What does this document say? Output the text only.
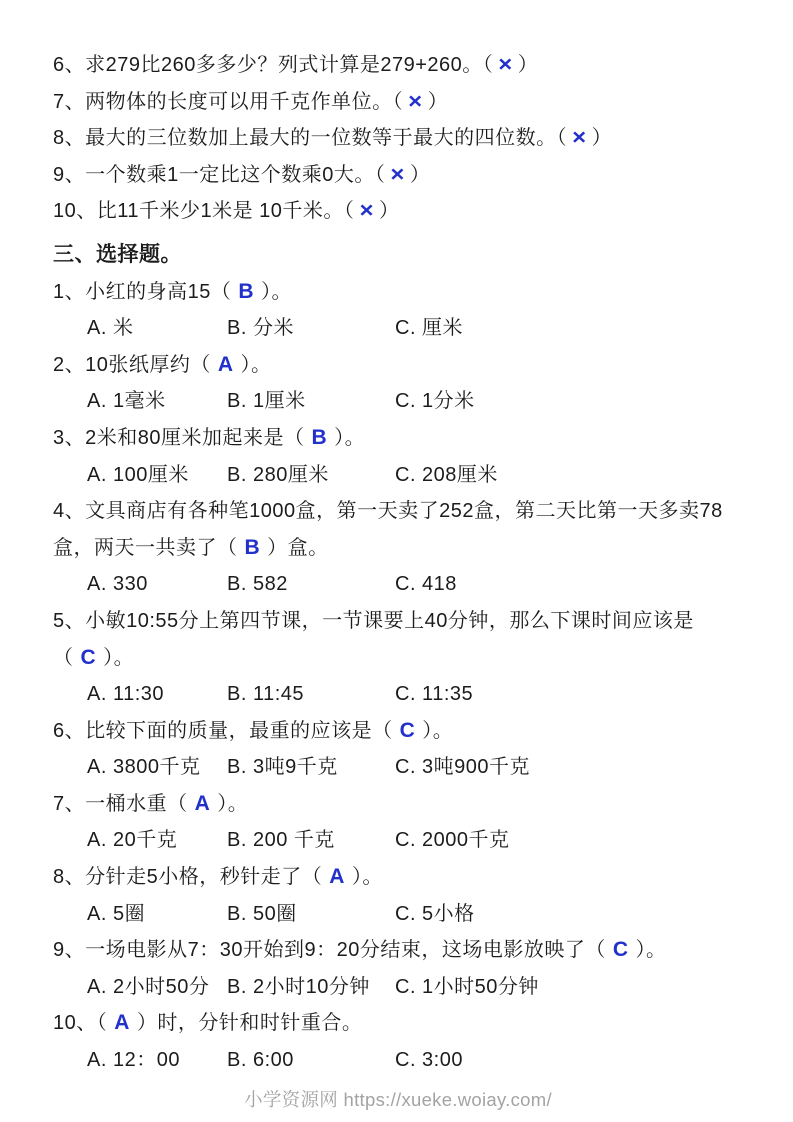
6、求279比260多多少？列式计算是279+260。（ × ）

7、两物体的长度可以用千克作单位。（ × ）

8、最大的三位数加上最大的一位数等于最大的四位数。（ × ）

9、一个数乘1一定比这个数乘0大。（ × ）

10、比11千米少1米是 10千米。（ × ）

三、选择题。

1、小红的身高15（ B ）。

A. 米	B. 分米	C. 厘米

2、10张纸厚约（ A ）。

A. 1毫米	B. 1厘米	C. 1分米

3、2米和80厘米加起来是（ B ）。

A. 100厘米 B. 280厘米	C. 208厘米

4、文具商店有各种笔1000盒，第一天卖了252盒，第二天比第一天多卖78盒，两天一共卖了（ B ）盒。

A. 330	B. 582	C. 418

5、小敏10:55分上第四节课，一节课要上40分钟，那么下课时间应该是（ C ）。

A. 11:30	B. 11:45	C. 11:35

6、比较下面的质量，最重的应该是（ C ）。

A. 3800千克 B. 3吨9千克	C. 3吨900千克

7、一桶水重（ A ）。

A. 20千克 B. 200 千克	C. 2000千克

8、分针走5小格，秒针走了（ A ）。

A. 5圈	B. 50圈	C. 5小格

9、一场电影从7：30开始到9：20分结束，这场电影放映了（ C ）。

A. 2小时50分 B. 2小时10分钟 C. 1小时50分钟

10、（ A ）时，分针和时针重合。

A. 12：00 B. 6:00	C. 3:00

小学资源网 https://xueke.woiay.com/
